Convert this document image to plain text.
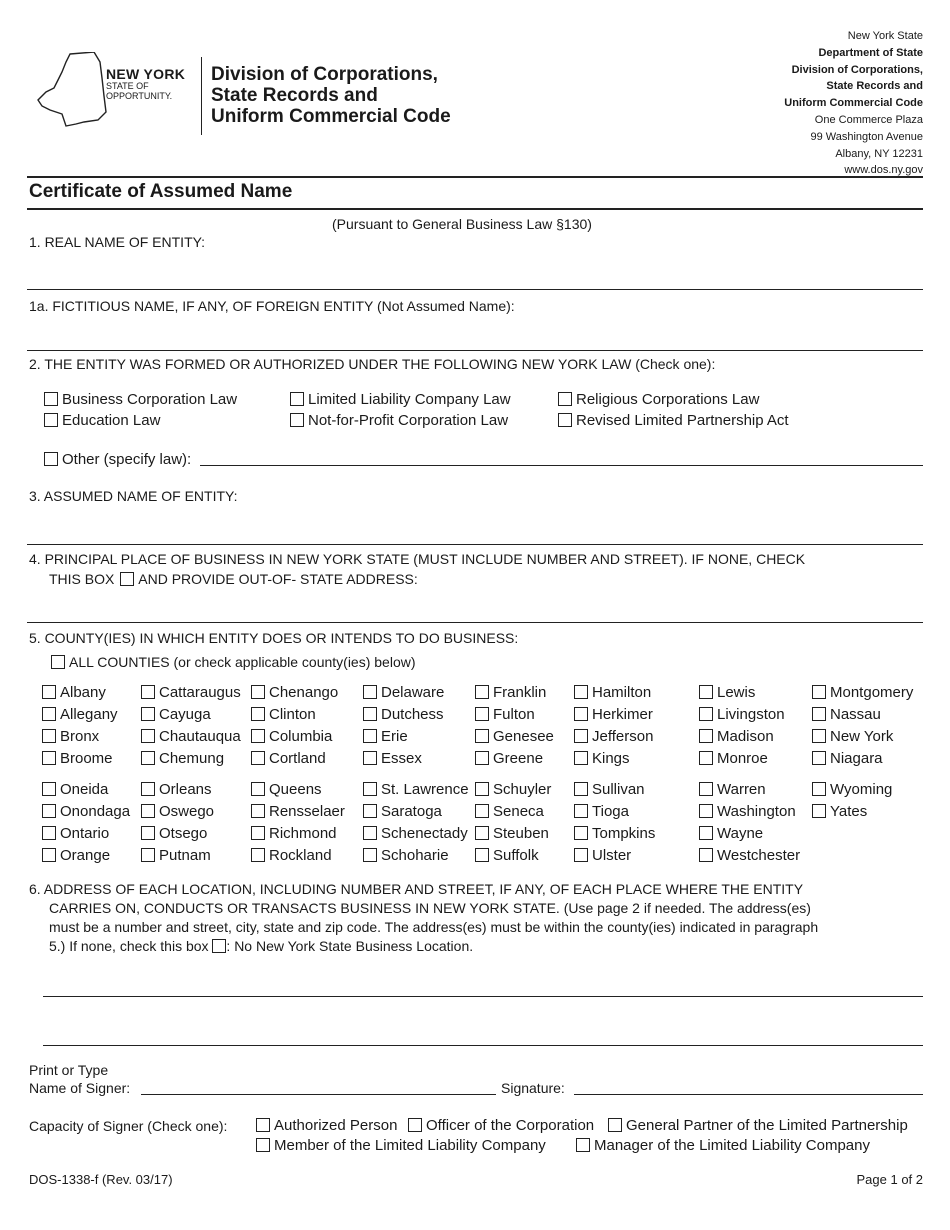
NEW YORK
STATE OF
OPPORTUNITY.
Division of Corporations,
State Records and
Uniform Commercial Code
New York State
Department of State
Division of Corporations,
State Records and
Uniform Commercial Code
One Commerce Plaza
99 Washington Avenue
Albany, NY 12231
www.dos.ny.gov
Certificate of Assumed Name
(Pursuant to General Business Law §130)
1. REAL NAME OF ENTITY:
1a. FICTITIOUS NAME, IF ANY, OF FOREIGN ENTITY (Not Assumed Name):
2. THE ENTITY WAS FORMED OR AUTHORIZED UNDER THE FOLLOWING NEW YORK LAW (Check one):
Business Corporation Law	Limited Liability Company Law	Religious Corporations Law
Education Law	Not-for-Profit Corporation Law	Revised Limited Partnership Act
Other (specify law):
3. ASSUMED NAME OF ENTITY:
4. PRINCIPAL PLACE OF BUSINESS IN NEW YORK STATE (MUST INCLUDE NUMBER AND STREET). IF NONE, CHECK
THIS BOX AND PROVIDE OUT-OF- STATE ADDRESS:
5. COUNTY(IES) IN WHICH ENTITY DOES OR INTENDS TO DO BUSINESS:
ALL COUNTIES (or check applicable county(ies) below)
Albany	Cattaraugus	Chenango	Delaware	Franklin	Hamilton	Lewis	Montgomery
Allegany	Cayuga	Clinton	Dutchess	Fulton	Herkimer	Livingston	Nassau
Bronx	Chautauqua	Columbia	Erie	Genesee	Jefferson	Madison	New York
Broome	Chemung	Cortland	Essex	Greene	Kings	Monroe	Niagara
Oneida	Orleans	Queens	St. Lawrence	Schuyler	Sullivan	Warren	Wyoming
Onondaga	Oswego	Rensselaer	Saratoga	Seneca	Tioga	Washington	Yates
Ontario	Otsego	Richmond	Schenectady	Steuben	Tompkins	Wayne
Orange	Putnam	Rockland	Schoharie	Suffolk	Ulster	Westchester
6. ADDRESS OF EACH LOCATION, INCLUDING NUMBER AND STREET, IF ANY, OF EACH PLACE WHERE THE ENTITY
CARRIES ON, CONDUCTS OR TRANSACTS BUSINESS IN NEW YORK STATE. (Use page 2 if needed. The address(es)
must be a number and street, city, state and zip code. The address(es) must be within the county(ies) indicated in paragraph
5.) If none, check this box : No New York State Business Location.
Print or Type
Name of Signer:	Signature:
Capacity of Signer (Check one):	Authorized Person	Officer of the Corporation	General Partner of the Limited Partnership
Member of the Limited Liability Company	Manager of the Limited Liability Company
DOS-1338-f (Rev. 03/17)	Page 1 of 2
